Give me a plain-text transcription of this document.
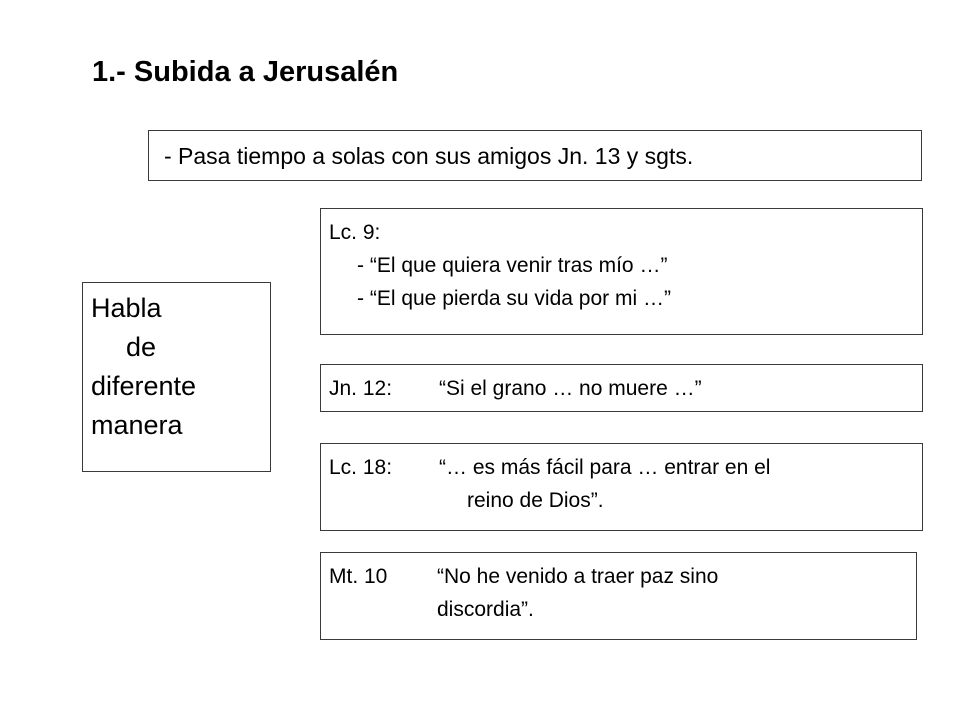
1.- Subida a Jerusalén
- Pasa tiempo a solas con sus amigos Jn. 13 y sgts.
Habla
de
diferente
manera
Lc. 9:
- “El que quiera venir tras mío …”
- “El que pierda su vida por mi …”
Jn. 12:	“Si el grano … no muere …”
Lc. 18:	“… es más fácil para … entrar en el
reino de Dios”.
Mt. 10	“No he venido a traer paz sino
discordia”.
